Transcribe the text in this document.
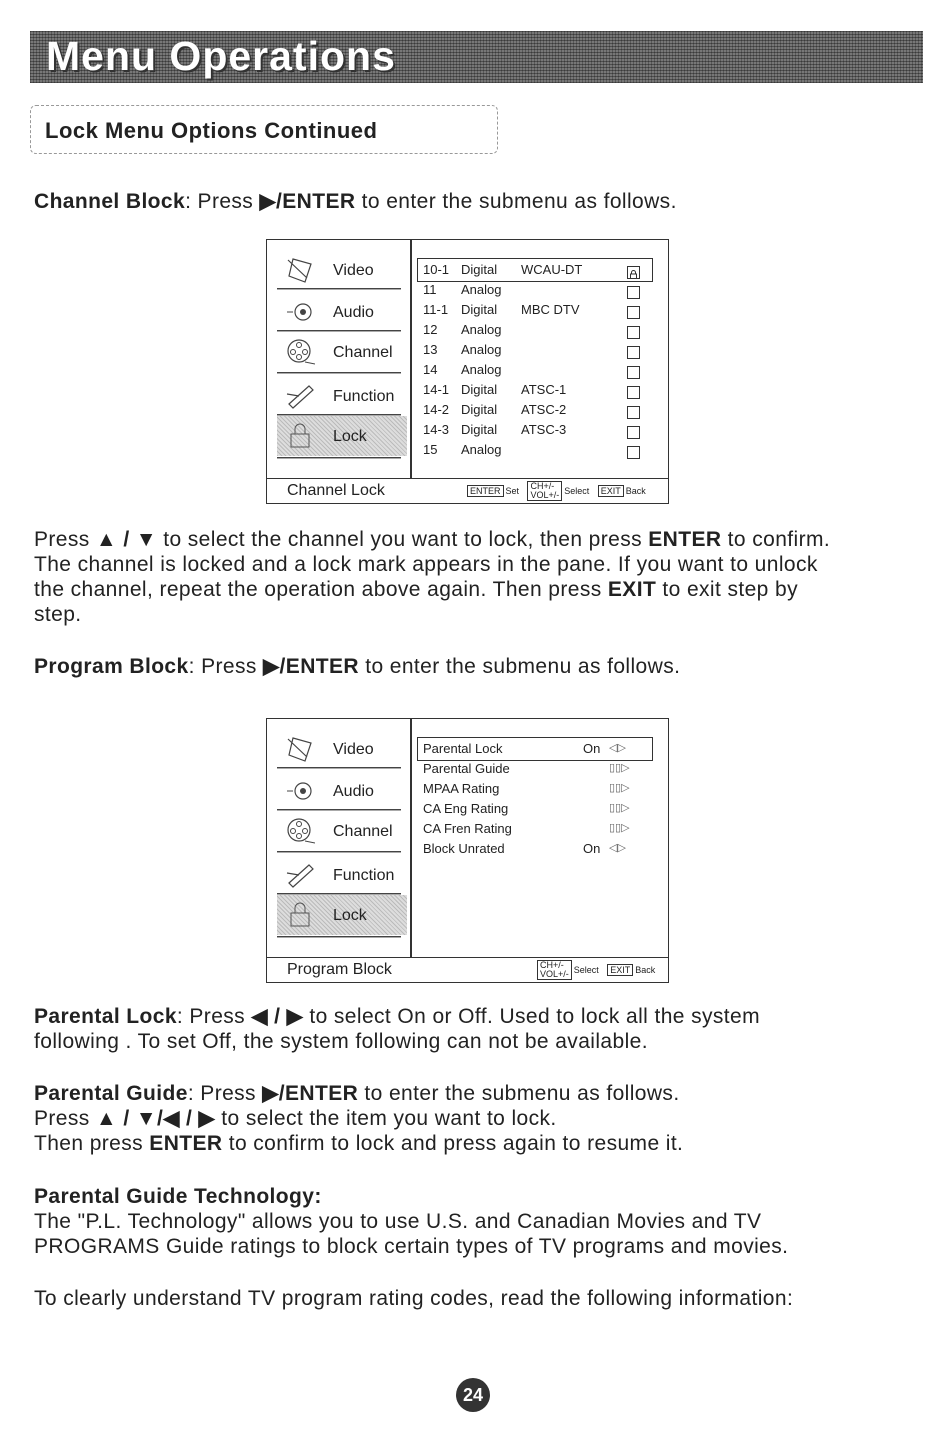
Menu Operations
Lock Menu Options Continued
Channel Block: Press ▶/ENTER to enter the submenu as follows.
Video
Audio
Channel
Function
Lock
10-1 Digital WCAU-DT
11 Analog
11-1 Digital MBC DTV
12 Analog
13 Analog
14 Analog
14-1 Digital ATSC-1
14-2 Digital ATSC-2
14-3 Digital ATSC-3
15 Analog
Channel Lock	ENTER Set CH+/-
VOL+/- Select EXIT Back
Press ▲ / ▼ to select the channel you want to lock, then press ENTER to confirm.
The channel is locked and a lock mark appears in the pane. If you want to unlock
the channel, repeat the operation above again. Then press EXIT to exit step by
step.
Program Block: Press ▶/ENTER to enter the submenu as follows.
Video
Audio
Channel
Function
Lock
Parental Lock	On ◁▷
Parental Guide	▯▯▷
MPAA Rating	▯▯▷
CA Eng Rating	▯▯▷
CA Fren Rating	▯▯▷
Block Unrated	On ◁▷
Program Block	CH+/-
VOL+/- Select EXIT Back
Parental Lock: Press ◀ / ▶ to select On or Off. Used to lock all the system
following . To set Off, the system following can not be available.
Parental Guide: Press ▶/ENTER to enter the submenu as follows.
Press ▲ / ▼/◀ / ▶ to select the item you want to lock.
Then press ENTER to confirm to lock and press again to resume it.
Parental Guide Technology:
The "P.L. Technology" allows you to use U.S. and Canadian Movies and TV
PROGRAMS Guide ratings to block certain types of TV programs and movies.
To clearly understand TV program rating codes, read the following information:
24
